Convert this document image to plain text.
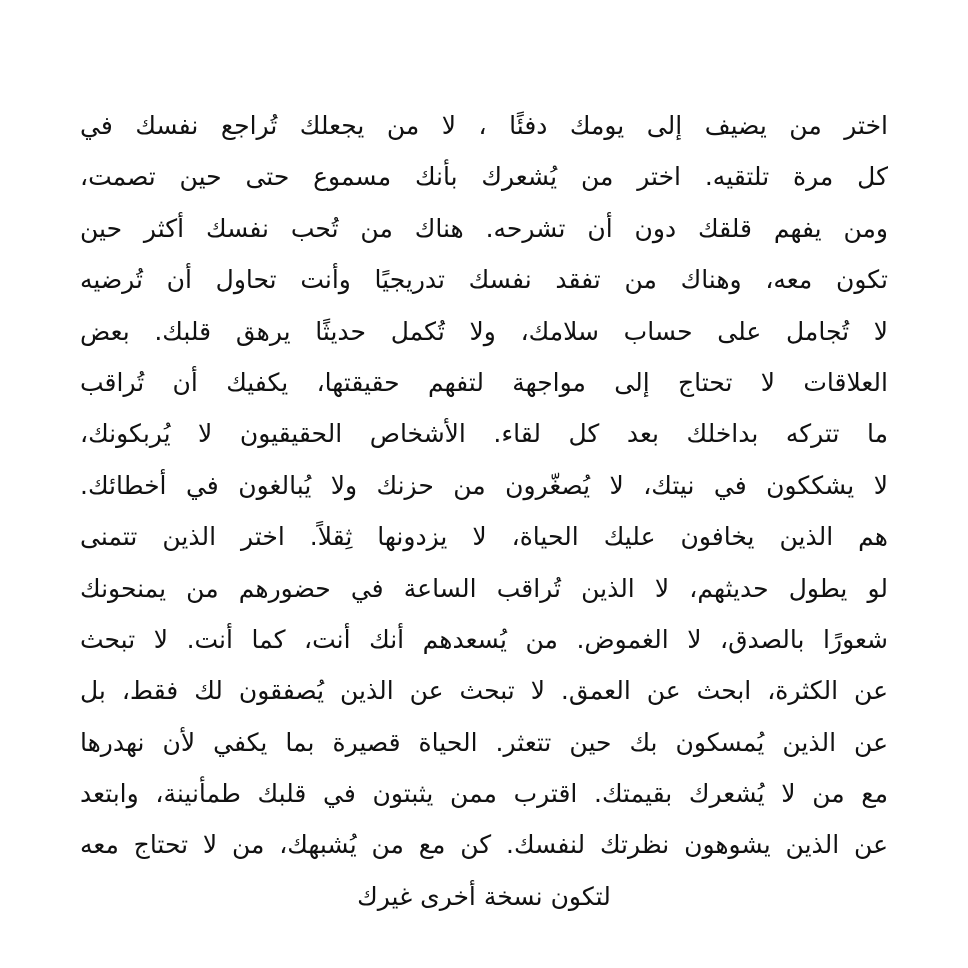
اختر من يضيف إلى يومك دفئًا ، لا من يجعلك تُراجع نفسك في
كل مرة تلتقيه. اختر من يُشعرك بأنك مسموع حتى حين تصمت،
ومن يفهم قلقك دون أن تشرحه. هناك من تُحب نفسك أكثر حين
تكون معه، وهناك من تفقد نفسك تدريجيًا وأنت تحاول أن تُرضيه
لا تُجامل على حساب سلامك، ولا تُكمل حديثًا يرهق قلبك. بعض
العلاقات لا تحتاج إلى مواجهة لتفهم حقيقتها، يكفيك أن تُراقب
ما تتركه بداخلك بعد كل لقاء. الأشخاص الحقيقيون لا يُربكونك،
لا يشككون في نيتك، لا يُصغّرون من حزنك ولا يُبالغون في أخطائك.
هم الذين يخافون عليك الحياة، لا يزدونها ثِقلاً. اختر الذين تتمنى
لو يطول حديثهم، لا الذين تُراقب الساعة في حضورهم من يمنحونك
شعورًا بالصدق، لا الغموض. من يُسعدهم أنك أنت، كما أنت. لا تبحث
عن الكثرة، ابحث عن العمق. لا تبحث عن الذين يُصفقون لك فقط، بل
عن الذين يُمسكون بك حين تتعثر. الحياة قصيرة بما يكفي لأن نهدرها
مع من لا يُشعرك بقيمتك. اقترب ممن يثبتون في قلبك طمأنينة، وابتعد
عن الذين يشوهون نظرتك لنفسك. كن مع من يُشبهك، من لا تحتاج معه
لتكون نسخة أخرى غيرك
